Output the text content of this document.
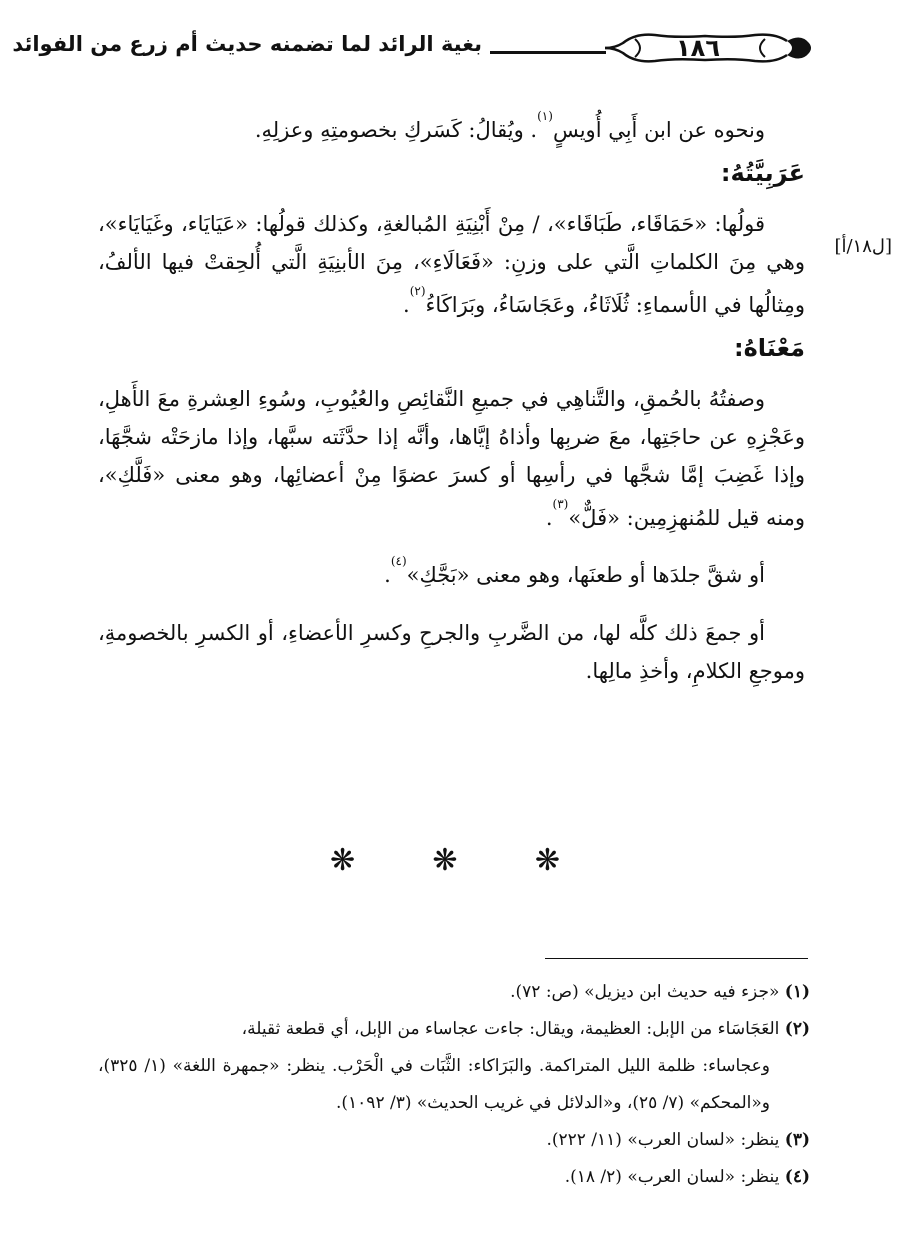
بغية الرائد لما تضمنه حديث أم زرع من الفوائد	١٨٦
[ل١٨/أ]

ونحوه عن ابن أَبِي أُويسٍ$^{(١)}$. ويُقالُ: كَسَركِ بخصومتِهِ وعزلِهِ.

عَرَبِيَّتُهُ:

قولُها: «حَمَاقَاء، طَبَاقَاء»، / مِنْ أَبْنِيَةِ المُبالغةِ، وكذلك قولُها: «عَيَايَاء، وغَيَايَاء»، وهي مِنَ الكلماتِ الَّتي على وزنِ: «فَعَالَاءِ»، مِنَ الأبنِيَةِ الَّتي أُلحِقتْ فيها الألفُ، ومِثالُها في الأسماءِ: ثُلَاثَاءُ، وعَجَاسَاءُ، وبَرَاكَاءُ$^{(٢)}$.

مَعْنَاهُ:

وصفتُهُ بالحُمقِ، والتَّناهِي في جميعِ النَّقائِصِ والعُيُوبِ، وسُوءِ العِشرةِ معَ الأَهلِ، وعَجْزِهِ عن حاجَتِها، معَ ضربِها وأذاهُ إيَّاها، وأنَّه إذا حدَّثَته سبَّها، وإذا مازحَتْه شجَّهَا، وإذا غَضِبَ إمَّا شجَّها في رأسِها أو كسرَ عضوًا مِنْ أعضائِها، وهو معنى «فَلَّكِ»، ومنه قيل للمُنهزِمِين: «فَلٌّ»$^{(٣)}$.

أو شقَّ جلدَها أو طعنَها، وهو معنى «بَجَّكِ»$^{(٤)}$.

أو جمعَ ذلك كلَّه لها، من الضَّربِ والجرحِ وكسرِ الأعضاءِ، أو الكسرِ بالخصومةِ، وموجعِ الكلامِ، وأخذِ مالِها.

❋	❋	❋

(١) «جزء فيه حديث ابن ديزيل» (ص: ٧٢).

(٢) العَجَاسَاء من الإبل: العظيمة، ويقال: جاءت عجاساء من الإبل، أي قطعة ثقيلة،

وعجاساء: ظلمة الليل المتراكمة. والبَرَاكاء: الثَّبَات في الْحَرْب. ينظر: «جمهرة اللغة» (١/ ٣٢٥)، و«المحكم» (٧/ ٢٥)، و«الدلائل في غريب الحديث» (٣/ ١٠٩٢).

(٣) ينظر: «لسان العرب» (١١/ ٢٢٢).

(٤) ينظر: «لسان العرب» (٢/ ١٨).
